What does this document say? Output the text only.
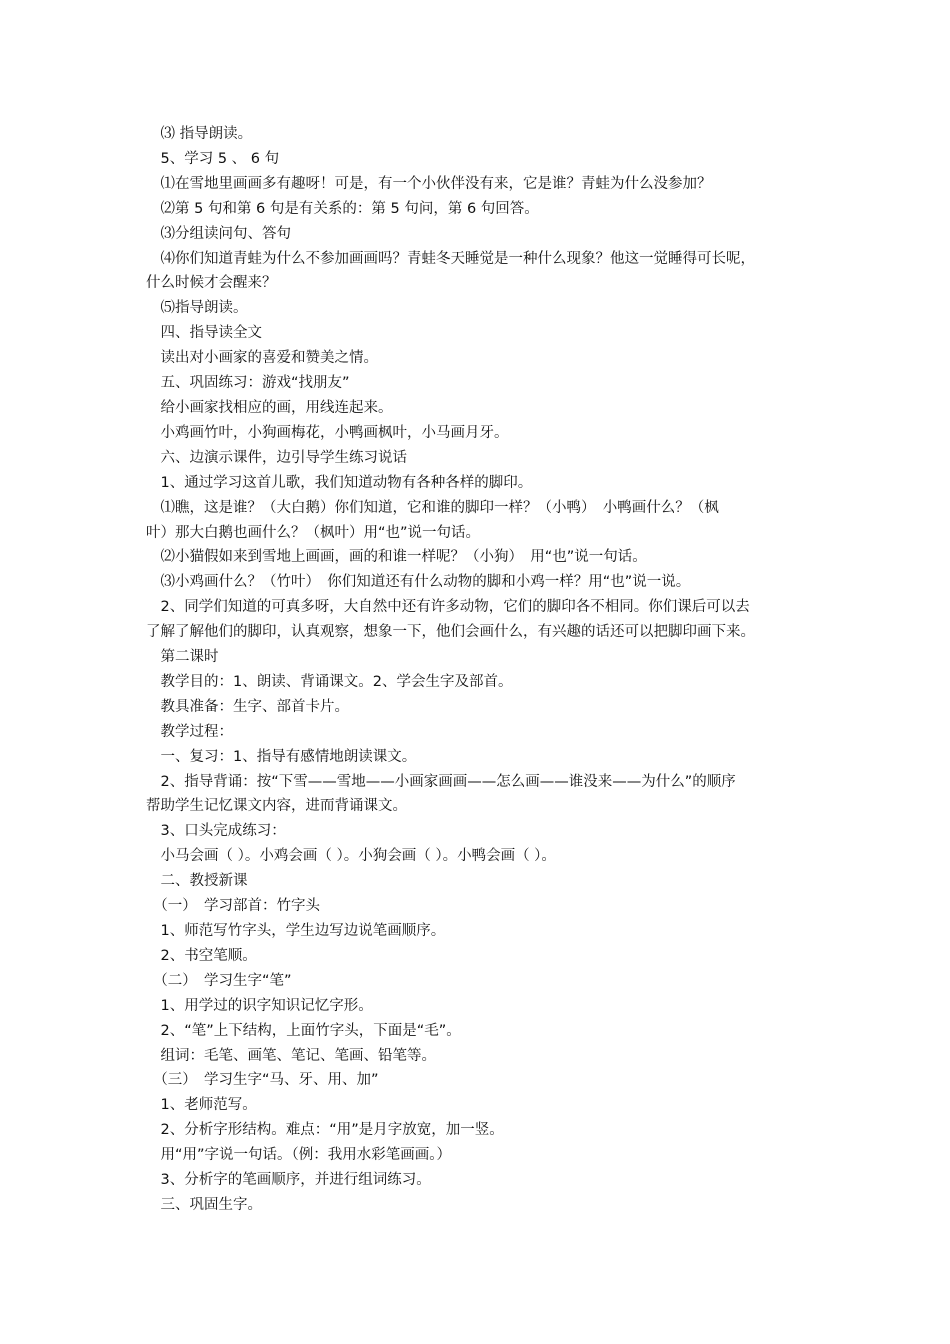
　⑶ 指导朗读。
　5、学习 5 、 6 句
　⑴在雪地里画画多有趣呀！可是，有一个小伙伴没有来，它是谁？青蛙为什么没参加？
　⑵第 5 句和第 6 句是有关系的：第 5 句问，第 6 句回答。
　⑶分组读问句、答句
　⑷你们知道青蛙为什么不参加画画吗？青蛙冬天睡觉是一种什么现象？他这一觉睡得可长呢，
什么时候才会醒来？
　⑸指导朗读。
　四、指导读全文
　读出对小画家的喜爱和赞美之情。
　五、巩固练习：游戏“找朋友”
　给小画家找相应的画，用线连起来。
　小鸡画竹叶，小狗画梅花，小鸭画枫叶，小马画月牙。
　六、边演示课件，边引导学生练习说话
　1、通过学习这首儿歌，我们知道动物有各种各样的脚印。
　⑴瞧，这是谁？（大白鹅）你们知道，它和谁的脚印一样？（小鸭）　小鸭画什么？（枫
叶）那大白鹅也画什么？（枫叶）用“也”说一句话。
　⑵小猫假如来到雪地上画画，画的和谁一样呢？（小狗）　用“也”说一句话。
　⑶小鸡画什么？（竹叶）　你们知道还有什么动物的脚和小鸡一样？用“也”说一说。
　2、同学们知道的可真多呀，大自然中还有许多动物，它们的脚印各不相同。你们课后可以去
了解了解他们的脚印，认真观察，想象一下，他们会画什么，有兴趣的话还可以把脚印画下来。
　第二课时
　教学目的：1、朗读、背诵课文。2、学会生字及部首。
　教具准备：生字、部首卡片。
　教学过程：
　一、复习：1、指导有感情地朗读课文。
　2、指导背诵：按“下雪——雪地——小画家画画——怎么画——谁没来——为什么”的顺序
帮助学生记忆课文内容，进而背诵课文。
　3、口头完成练习：
　小马会画（ ）。小鸡会画（ ）。小狗会画（ ）。小鸭会画（ ）。
　二、教授新课
　（一）　学习部首：竹字头
　1、师范写竹字头，学生边写边说笔画顺序。
　2、书空笔顺。
　（二）　学习生字“笔”
　1、用学过的识字知识记忆字形。
　2、“笔”上下结构，上面竹字头，下面是“毛”。
　组词：毛笔、画笔、笔记、笔画、铅笔等。
　（三）　学习生字“马、牙、用、加”
　1、老师范写。
　2、分析字形结构。难点：“用”是月字放宽，加一竖。
　用“用”字说一句话。（例：我用水彩笔画画。）
　3、分析字的笔画顺序，并进行组词练习。
　三、巩固生字。
